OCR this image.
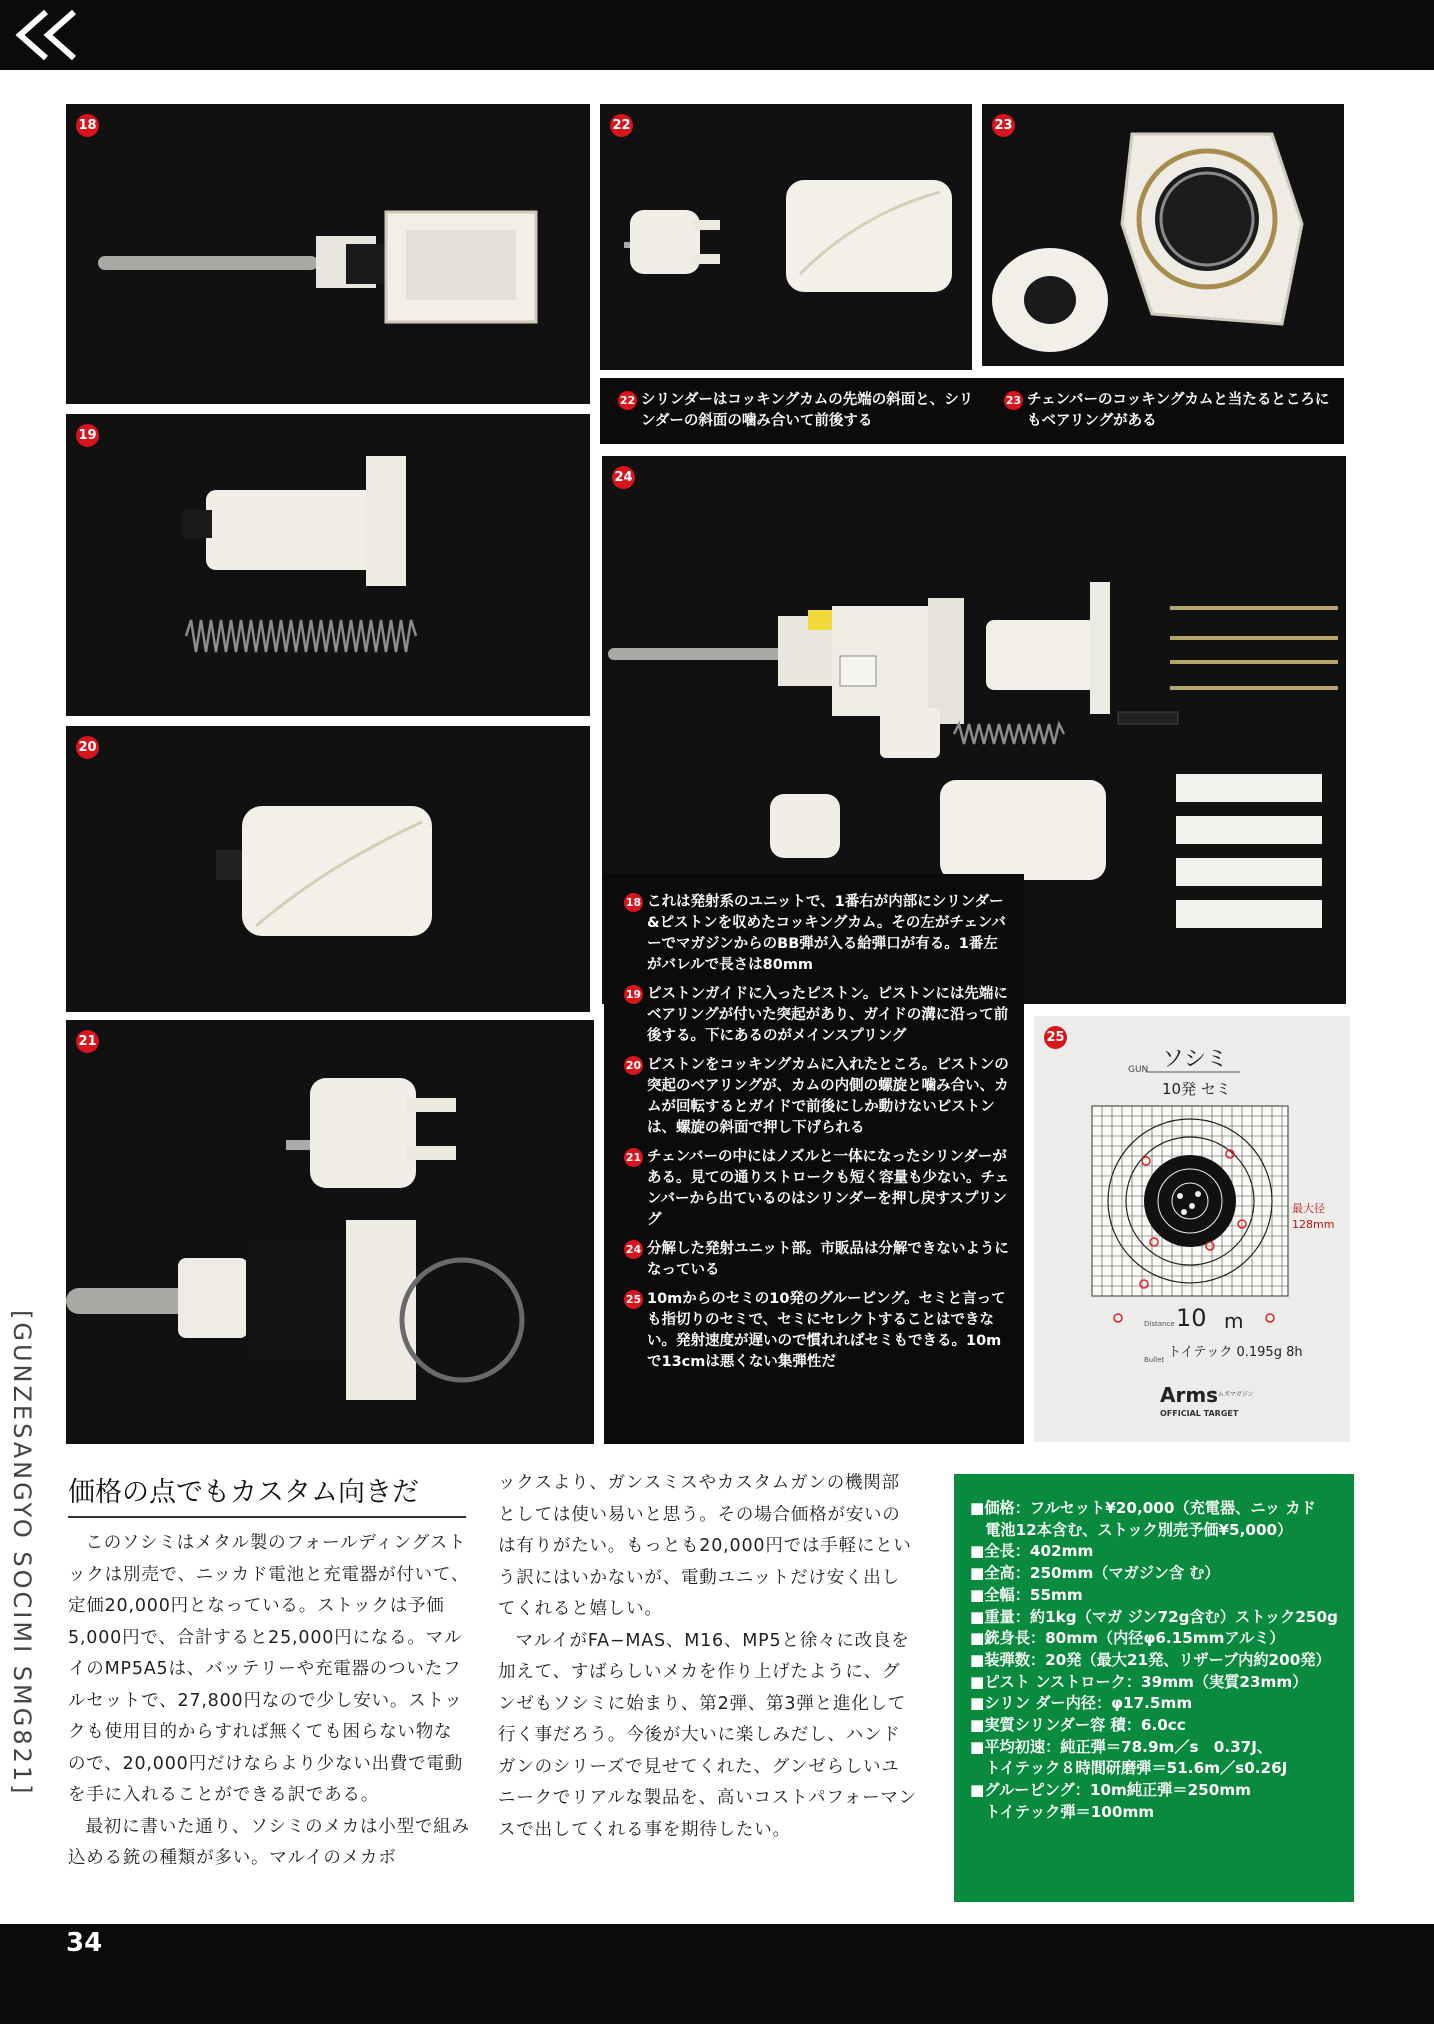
18	22	23
22 シリンダーはコッキングカムの先端の斜面と、シリンダーの斜面の噛み合いて前後する
23 チェンバーのコッキングカムと当たるところにもベアリングがある
19
24
20
21
18 これは発射系のユニットで、1番右が内部にシリンダー&ピストンを収めたコッキングカム。その左がチェンバーでマガジンからのBB弾が入る給弾口が有る。1番左がバレルで長さは80mm
19 ピストンガイドに入ったピストン。ピストンには先端にベアリングが付いた突起があり、ガイドの溝に沿って前後する。下にあるのがメインスプリング
20 ピストンをコッキングカムに入れたところ。ピストンの突起のベアリングが、カムの内側の螺旋と噛み合い、カムが回転するとガイドで前後にしか動けないピストンは、螺旋の斜面で押し下げられる
21 チェンバーの中にはノズルと一体になったシリンダーがある。見ての通りストロークも短く容量も少ない。チェンバーから出ているのはシリンダーを押し戻すスプリング
24 分解した発射ユニット部。市販品は分解できないようになっている
25 10mからのセミの10発のグルーピング。セミと言っても指切りのセミで、セミにセレクトすることはできない。発射速度が遅いので慣れればセミもできる。10mで13cmは悪くない集弾性だ
25
GUN ソシミ
10発 セミ
最大径
128mm
Distance 10 m
Bullet トイテック 0.195g 8h
Arms
アームズマガジン
OFFICIAL TARGET
[GUNZESANGYO SOCIMI SMG821] 価格の点でもカスタム向きだ

このソシミはメタル製のフォールディングストックは別売で、ニッカド電池と充電器が付いて、定価20,000円となっている。ストックは予価5,000円で、合計すると25,000円になる。マルイのMP5A5は、バッテリーや充電器のついたフルセットで、27,800円なので少し安い。ストックも使用目的からすれば無くても困らない物なので、20,000円だけならより少ない出費で電動を手に入れることができる訳である。

最初に書いた通り、ソシミのメカは小型で組み込める銃の種類が多い。マルイのメカボ

ックスより、ガンスミスやカスタムガンの機関部としては使い易いと思う。その場合価格が安いのは有りがたい。もっとも20,000円では手軽にという訳にはいかないが、電動ユニットだけ安く出してくれると嬉しい。

マルイがFA−MAS、M16、MP5と徐々に改良を加えて、すばらしいメカを作り上げたように、グンゼもソシミに始まり、第2弾、第3弾と進化して行く事だろう。今後が大いに楽しみだし、ハンドガンのシリーズで見せてくれた、グンゼらしいユニークでリアルな製品を、高いコストパフォーマンスで出してくれる事を期待したい。

■価格：フルセット¥20,000（充電器、ニッ カド
　電池12本含む、ストック別売予価¥5,000）
■全長：402mm
■全高：250mm（マガジン含 む）
■全幅：55mm
■重量：約1kg（マガ ジン72g含む）ストック250g
■銃身長：80mm（内径φ6.15mmアルミ）
■装弾数：20発（最大21発、リザーブ内約200発）
■ピスト ンストローク：39mm（実質23mm）
■シリン ダー内径：φ17.5mm
■実質シリンダー容 積：6.0cc
■平均初速：純正弾＝78.9m／s　0.37J、
　トイテック８時間研磨弾＝51.6m／s0.26J
■グルーピング：10m純正弾＝250mm
　トイテック弾＝100mm
34
